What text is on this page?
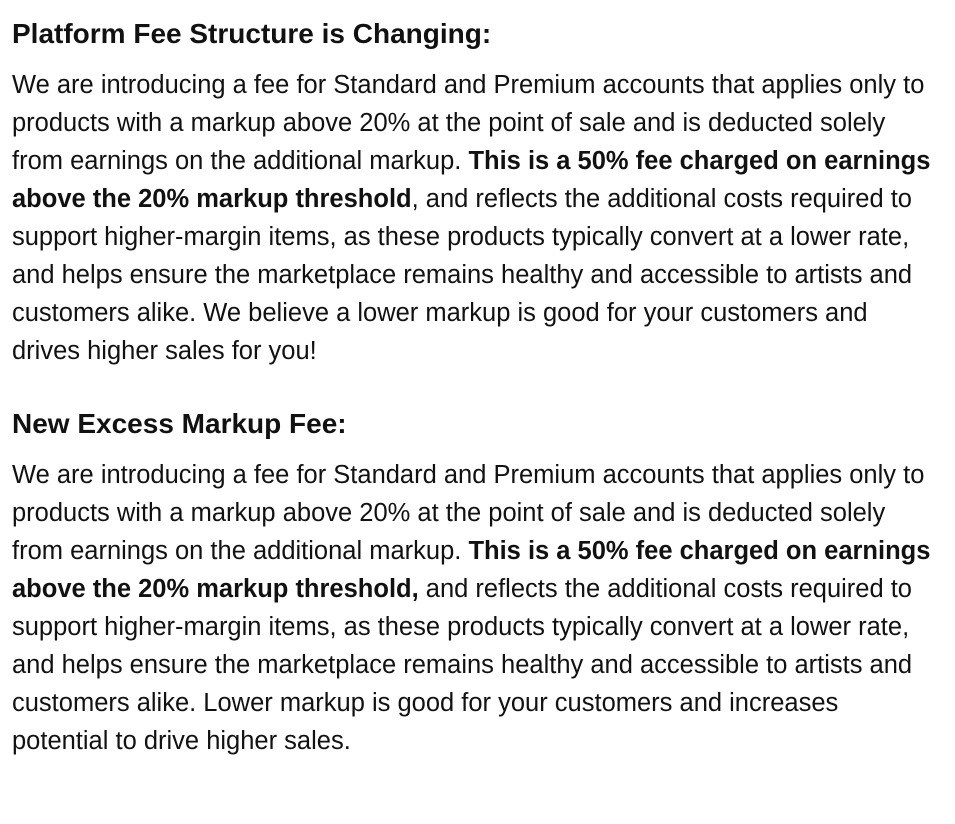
Platform Fee Structure is Changing:

We are introducing a fee for Standard and Premium accounts that applies only to products with a markup above 20% at the point of sale and is deducted solely from earnings on the additional markup. This is a 50% fee charged on earnings above the 20% markup threshold, and reflects the additional costs required to support higher-margin items, as these products typically convert at a lower rate, and helps ensure the marketplace remains healthy and accessible to artists and customers alike. We believe a lower markup is good for your customers and drives higher sales for you!

New Excess Markup Fee:

We are introducing a fee for Standard and Premium accounts that applies only to products with a markup above 20% at the point of sale and is deducted solely from earnings on the additional markup. This is a 50% fee charged on earnings above the 20% markup threshold, and reflects the additional costs required to support higher-margin items, as these products typically convert at a lower rate, and helps ensure the marketplace remains healthy and accessible to artists and customers alike. Lower markup is good for your customers and increases potential to drive higher sales.
